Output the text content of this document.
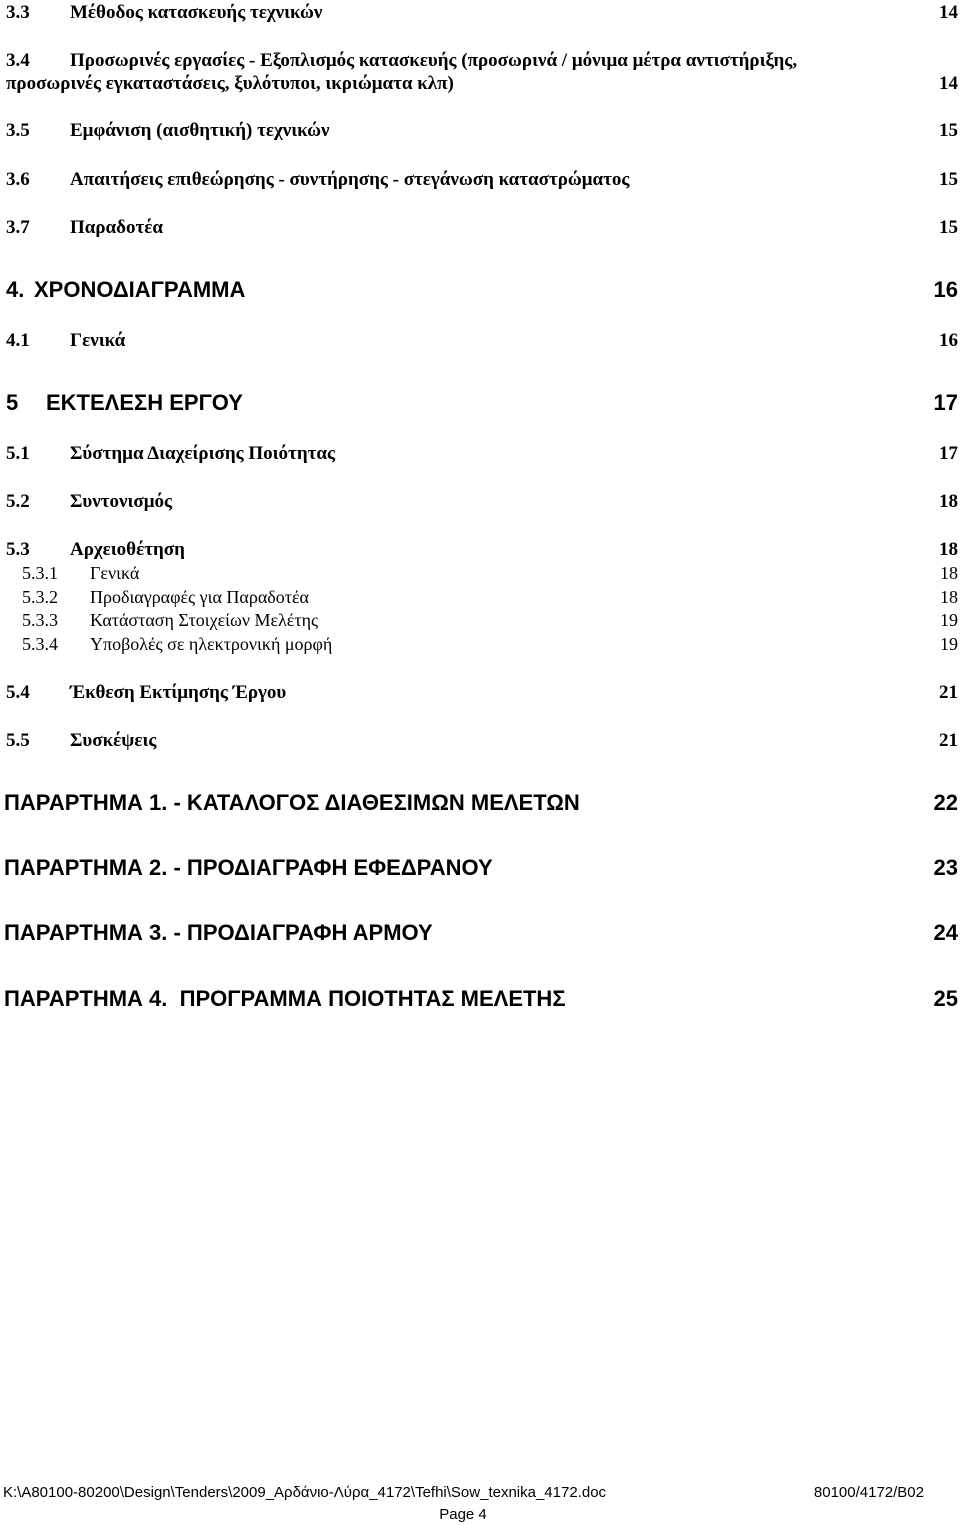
3.3 Μέθοδος κατασκευής τεχνικών	14
3.4 Προσωρινές εργασίες - Εξοπλισμός κατασκευής (προσωρινά / μόνιμα μέτρα αντιστήριξης,
προσωρινές εγκαταστάσεις, ξυλότυποι, ικριώματα κλπ)	14
3.5 Εμφάνιση (αισθητική) τεχνικών	15
3.6 Απαιτήσεις επιθεώρησης - συντήρησης - στεγάνωση καταστρώματος	15
3.7 Παραδοτέα	15
4. ΧΡΟΝΟΔΙΑΓΡΑΜΜΑ	16
4.1 Γενικά	16
5 ΕΚΤΕΛΕΣΗ ΕΡΓΟΥ	17
5.1 Σύστημα Διαχείρισης Ποιότητας	17
5.2 Συντονισμός	18
5.3 Αρχειοθέτηση	18
5.3.1 Γενικά	18
5.3.2 Προδιαγραφές για Παραδοτέα	18
5.3.3 Κατάσταση Στοιχείων Μελέτης	19
5.3.4 Υποβολές σε ηλεκτρονική μορφή	19
5.4 Έκθεση Εκτίμησης Έργου	21
5.5 Συσκέψεις	21
ΠΑΡΑΡΤΗΜΑ 1. - ΚΑΤΑΛΟΓΟΣ ΔΙΑΘΕΣΙΜΩΝ ΜΕΛΕΤΩΝ	22
ΠΑΡΑΡΤΗΜΑ 2. - ΠΡΟΔΙΑΓΡΑΦΗ ΕΦΕΔΡΑΝΟΥ	23
ΠΑΡΑΡΤΗΜΑ 3. - ΠΡΟΔΙΑΓΡΑΦΗ ΑΡΜΟΥ	24
ΠΑΡΑΡΤΗΜΑ 4.  ΠΡΟΓΡΑΜΜΑ ΠΟΙΟΤΗΤΑΣ ΜΕΛΕΤΗΣ	25
K:\A80100-80200\Design\Tenders\2009_Αρδάνιο-Λύρα_4172\Tefhi\Sow_texnika_4172.doc	80100/4172/B02
Page 4
